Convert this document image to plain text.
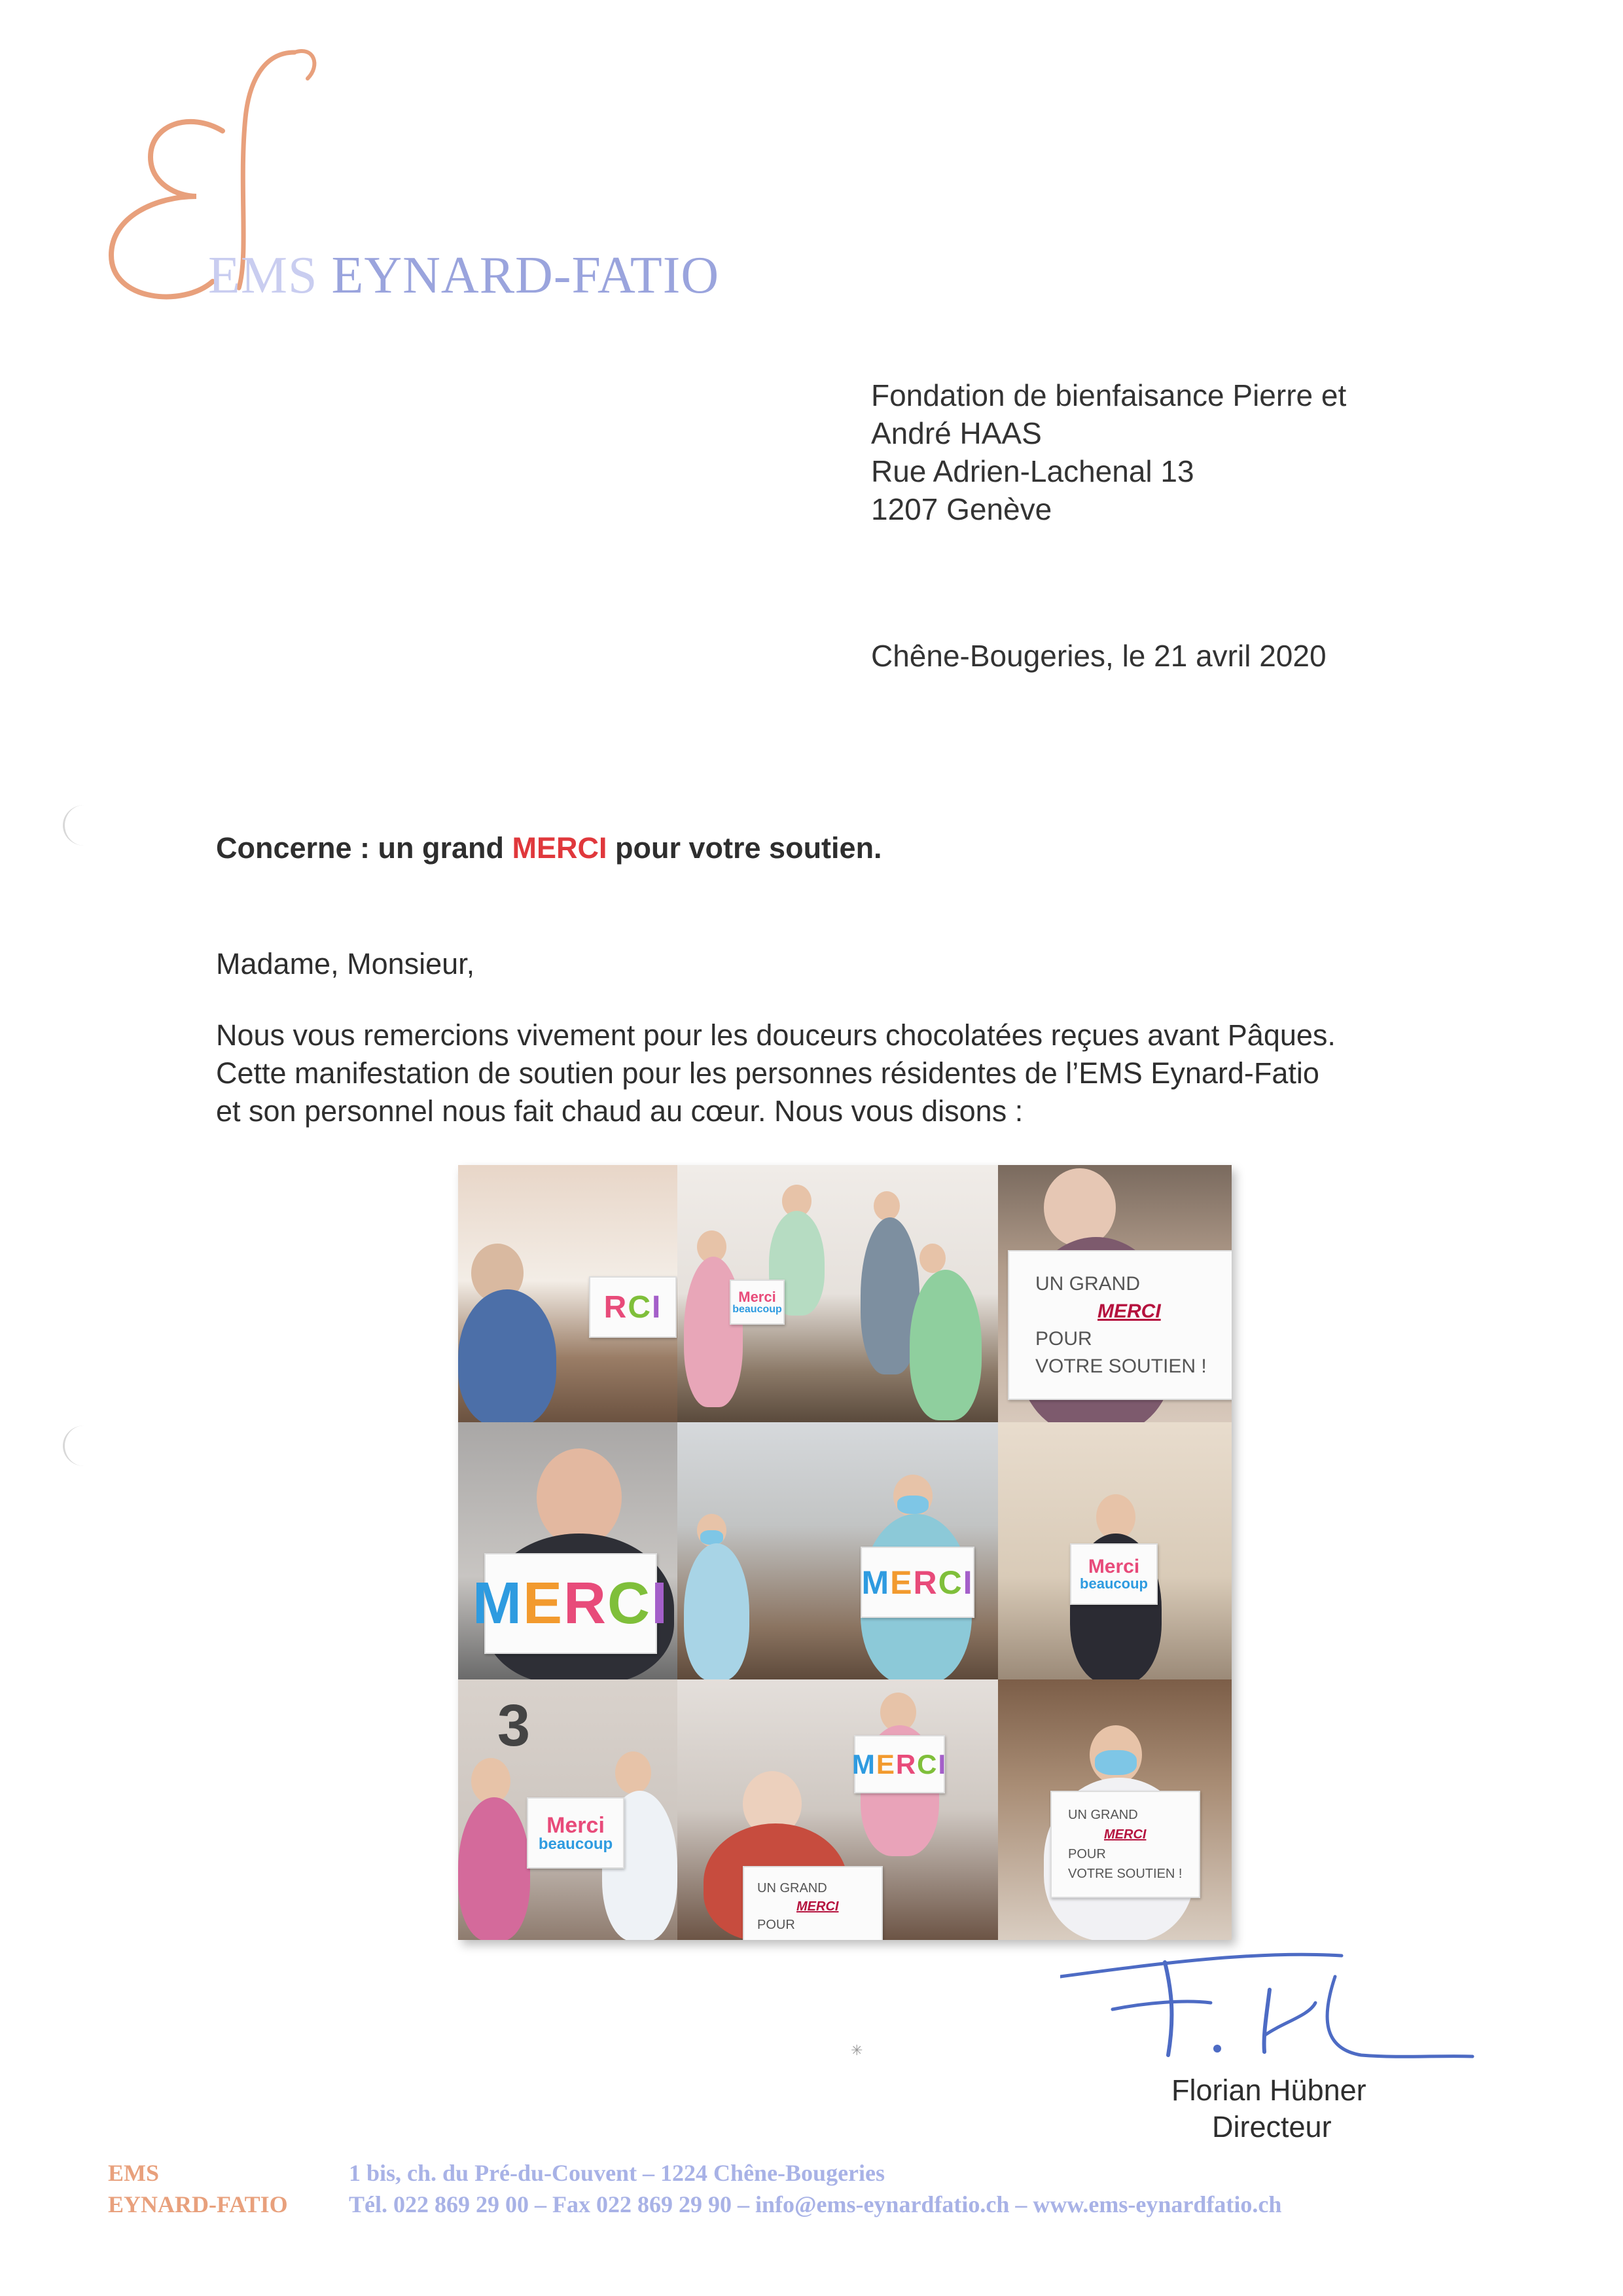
EMS EYNARD-FATIO
Fondation de bienfaisance Pierre et
André HAAS
Rue Adrien-Lachenal 13
1207 Genève
Chêne-Bougeries, le 21 avril 2020
Concerne : un grand MERCI pour votre soutien.
Madame, Monsieur,
Nous vous remercions vivement pour les douceurs chocolatées reçues avant Pâques.
Cette manifestation de soutien pour les personnes résidentes de l’EMS Eynard-Fatio
et son personnel nous fait chaud au cœur. Nous vous disons :
R C I	Merci
beaucoup
UN GRAND
MERCI
POUR
VOTRE SOUTIEN !
M E R C I	M E R C I	Merci
beaucoup
3
Merci
beaucoup
M E R C I
UN GRAND
MERCI
POUR
UN GRAND
MERCI
POUR
VOTRE SOUTIEN !
✳
Florian Hübner
Directeur
EMS
EYNARD-FATIO
1 bis, ch. du Pré-du-Couvent – 1224 Chêne-Bougeries
Tél. 022 869 29 00 – Fax 022 869 29 90 – info@ems-eynardfatio.ch – www.ems-eynardfatio.ch
